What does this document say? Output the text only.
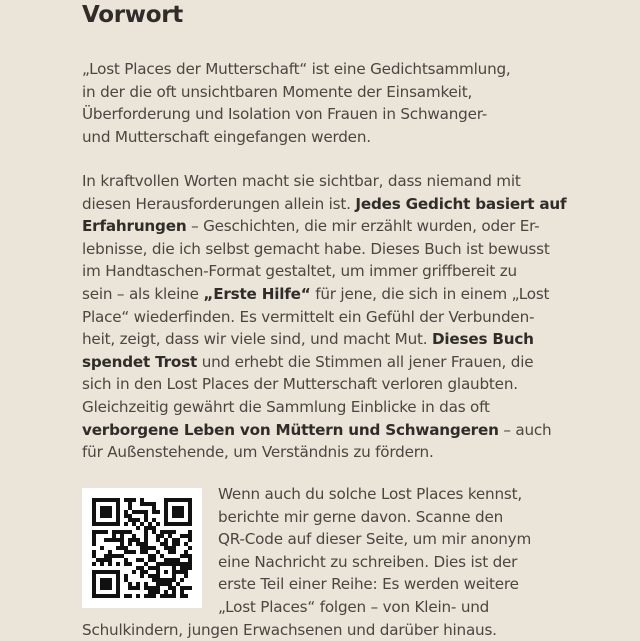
Vorwort

„Lost Places der Mutterschaft“ ist eine Gedichtsammlung,
in der die oft unsichtbaren Momente der Einsamkeit,
Überforderung und Isolation von Frauen in Schwanger-
und Mutterschaft eingefangen werden.

In kraftvollen Worten macht sie sichtbar, dass niemand mit
diesen Herausforderungen allein ist. Jedes Gedicht basiert auf
Erfahrungen – Geschichten, die mir erzählt wurden, oder Er-
lebnisse, die ich selbst gemacht habe. Dieses Buch ist bewusst
im Handtaschen-Format gestaltet, um immer griffbereit zu
sein – als kleine „Erste Hilfe“ für jene, die sich in einem „Lost
Place“ wiederfinden. Es vermittelt ein Gefühl der Verbunden-
heit, zeigt, dass wir viele sind, und macht Mut. Dieses Buch
spendet Trost und erhebt die Stimmen all jener Frauen, die
sich in den Lost Places der Mutterschaft verloren glaubten.
Gleichzeitig gewährt die Sammlung Einblicke in das oft
verborgene Leben von Müttern und Schwangeren – auch
für Außenstehende, um Verständnis zu fördern.

Wenn auch du solche Lost Places kennst,
berichte mir gerne davon. Scanne den
QR-Code auf dieser Seite, um mir anonym
eine Nachricht zu schreiben. Dies ist der
erste Teil einer Reihe: Es werden weitere
„Lost Places“ folgen – von Klein- und
Schulkindern, jungen Erwachsenen und darüber hinaus.
